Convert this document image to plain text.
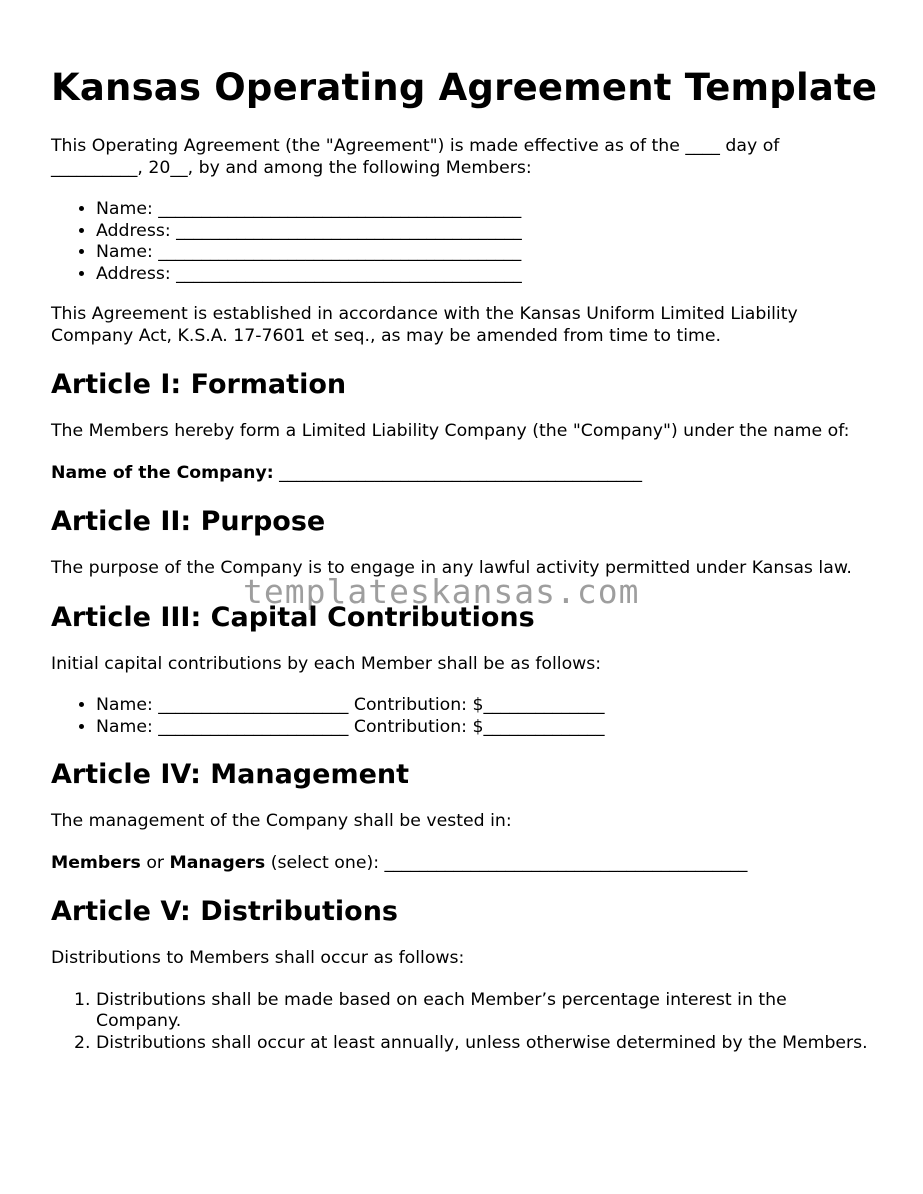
Kansas Operating Agreement Template

This Operating Agreement (the "Agreement") is made effective as of the ____ day of __________, 20__, by and among the following Members:

• Name: __________________________________________
• Address: ________________________________________
• Name: __________________________________________
• Address: ________________________________________

This Agreement is established in accordance with the Kansas Uniform Limited Liability Company Act, K.S.A. 17-7601 et seq., as may be amended from time to time.

Article I: Formation

The Members hereby form a Limited Liability Company (the "Company") under the name of:

Name of the Company: __________________________________________

Article II: Purpose

The purpose of the Company is to engage in any lawful activity permitted under Kansas law.

Article III: Capital Contributions

Initial capital contributions by each Member shall be as follows:

• Name: ______________________ Contribution: $______________
• Name: ______________________ Contribution: $______________
Article IV: Management

The management of the Company shall be vested in:

Members or Managers (select one): __________________________________________

Article V: Distributions

Distributions to Members shall occur as follows:

1. Distributions shall be made based on each Member’s percentage interest in the Company.
2. Distributions shall occur at least annually, unless otherwise determined by the Members.
templateskansas.com
